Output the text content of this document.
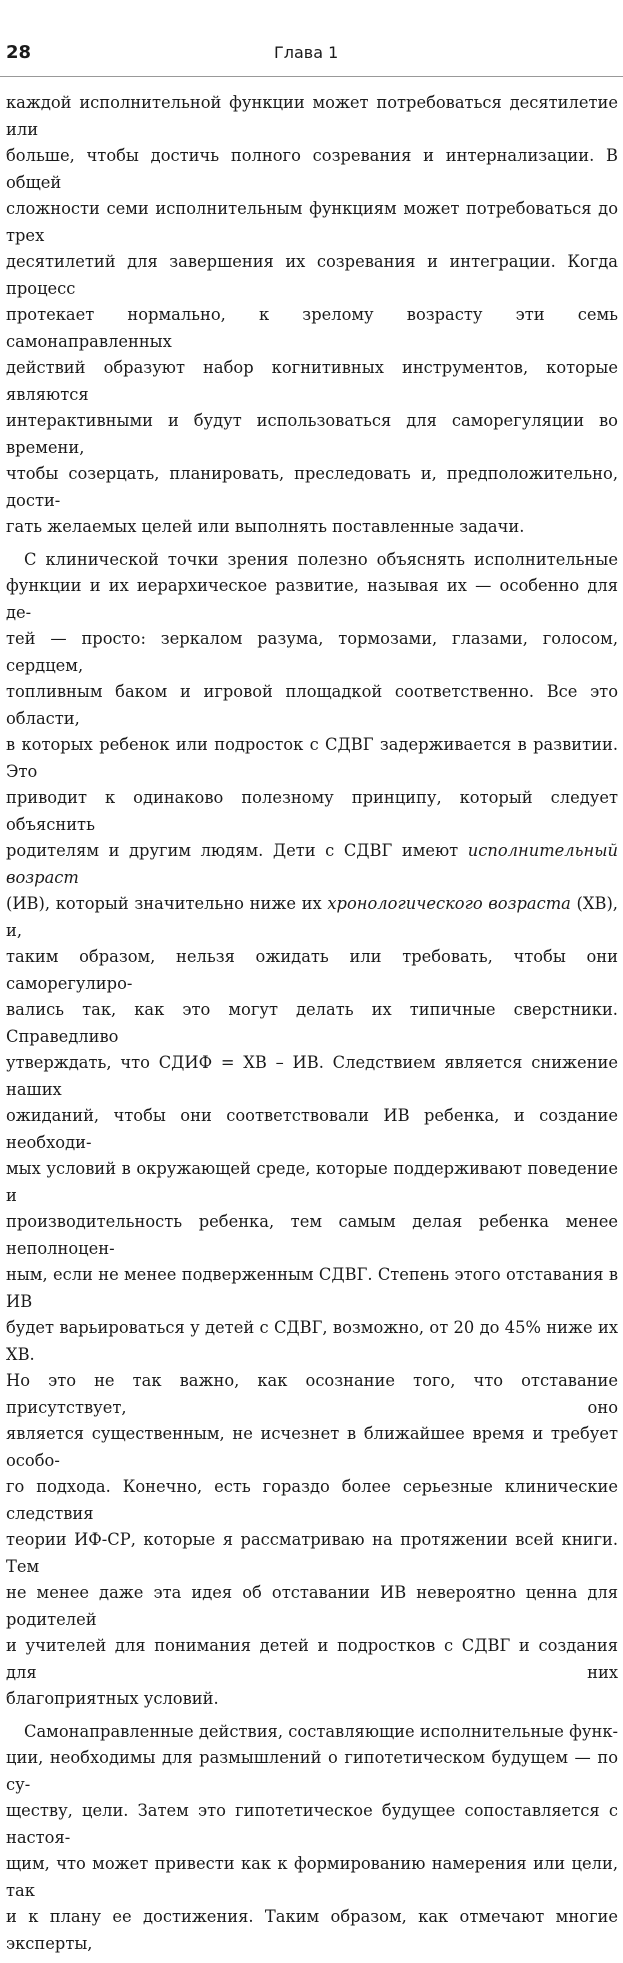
28	Глава 1

каждой исполнительной функции может потребоваться десятилетие или
больше, чтобы достичь полного созревания и интернализации. В общей
сложности семи исполнительным функциям может потребоваться до трех
десятилетий для завершения их созревания и интеграции. Когда процесс
протекает нормально, к зрелому возрасту эти семь самонаправленных
действий образуют набор когнитивных инструментов, которые являются
интерактивными и будут использоваться для саморегуляции во времени,
чтобы созерцать, планировать, преследовать и, предположительно, дости-
гать желаемых целей или выполнять поставленные задачи.

С клинической точки зрения полезно объяснять исполнительные
функции и их иерархическое развитие, называя их — особенно для де-
тей — просто: зеркалом разума, тормозами, глазами, голосом, сердцем,
топливным баком и игровой площадкой соответственно. Все это области,
в которых ребенок или подросток с СДВГ задерживается в развитии. Это
приводит к одинаково полезному принципу, который следует объяснить
родителям и другим людям. Дети с СДВГ имеют исполнительный возраст
(ИВ), который значительно ниже их хронологического возраста (ХВ), и,
таким образом, нельзя ожидать или требовать, чтобы они саморегулиро-
вались так, как это могут делать их типичные сверстники. Справедливо
утверждать, что СДИФ = ХВ – ИВ. Следствием является снижение наших
ожиданий, чтобы они соответствовали ИВ ребенка, и создание необходи-
мых условий в окружающей среде, которые поддерживают поведение и
производительность ребенка, тем самым делая ребенка менее неполноцен-
ным, если не менее подверженным СДВГ. Степень этого отставания в ИВ
будет варьироваться у детей с СДВГ, возможно, от 20 до 45% ниже их ХВ.
Но это не так важно, как осознание того, что отставание присутствует, оно
является существенным, не исчезнет в ближайшее время и требует особо-
го подхода. Конечно, есть гораздо более серьезные клинические следствия
теории ИФ-СР, которые я рассматриваю на протяжении всей книги. Тем
не менее даже эта идея об отставании ИВ невероятно ценна для родителей
и учителей для понимания детей и подростков с СДВГ и создания для них
благоприятных условий.

Самонаправленные действия, составляющие исполнительные функ-
ции, необходимы для размышлений о гипотетическом будущем — по су-
ществу, цели. Затем это гипотетическое будущее сопоставляется с настоя-
щим, что может привести как к формированию намерения или цели, так
и к плану ее достижения. Таким образом, как отмечают многие эксперты,
